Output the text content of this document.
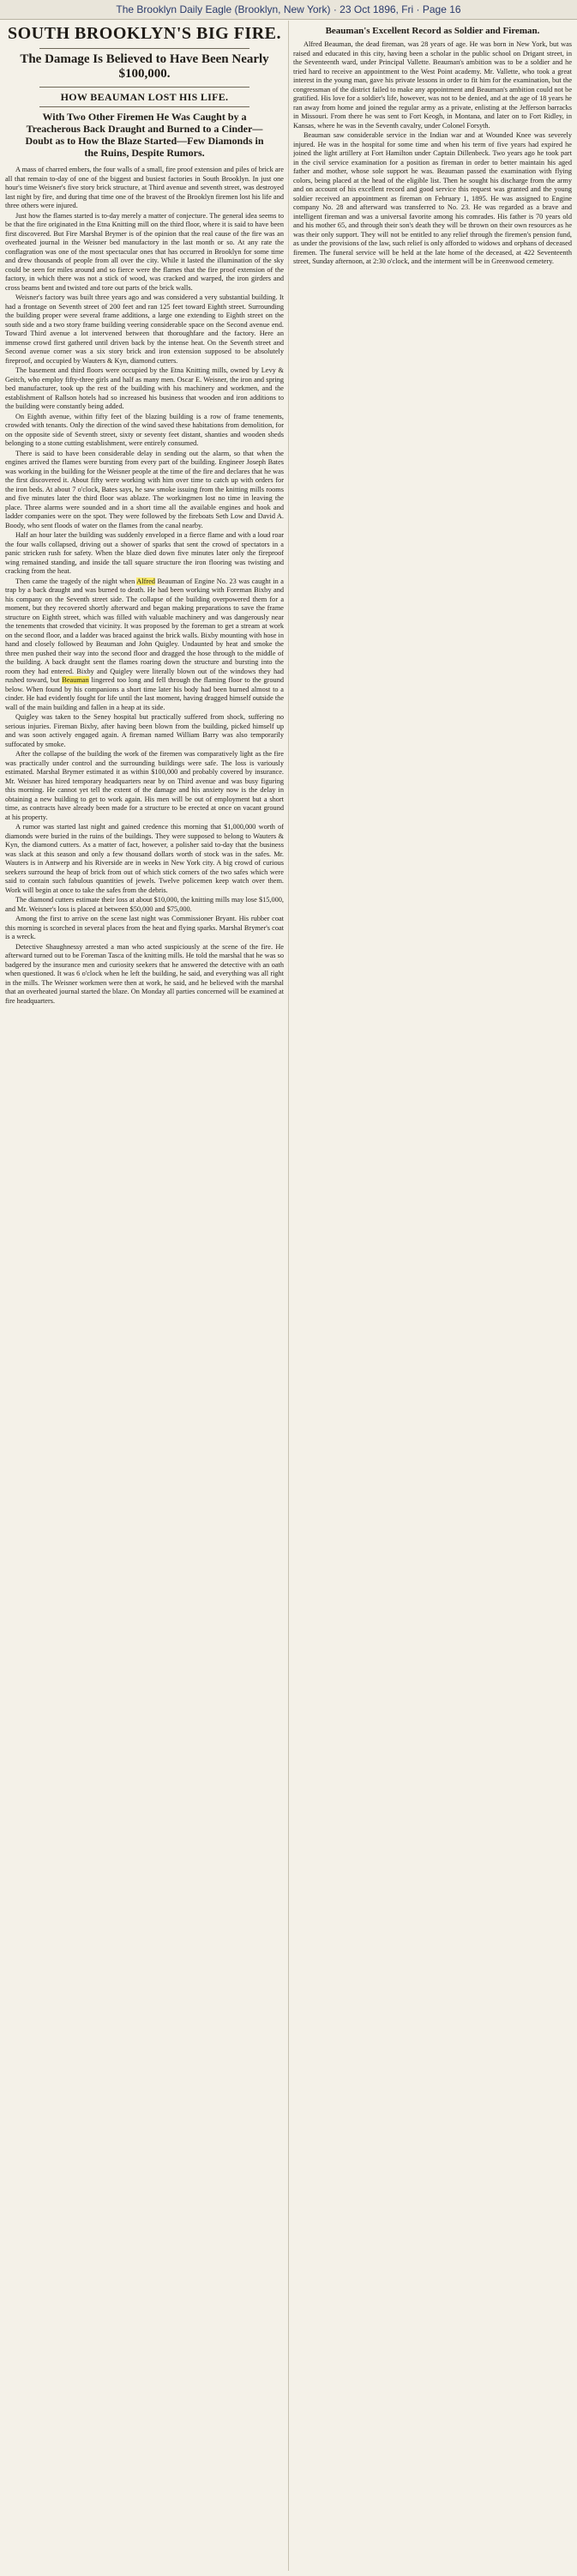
The Brooklyn Daily Eagle (Brooklyn, New York) · 23 Oct 1896, Fri · Page 16
SOUTH BROOKLYN'S BIG FIRE.
The Damage Is Believed to Have Been Nearly $100,000.
HOW BEAUMAN LOST HIS LIFE.
With Two Other Firemen He Was Caught by a Treacherous Back Draught and Burned to a Cinder—Doubt as to How the Blaze Started—Few Diamonds in the Ruins, Despite Rumors.

A mass of charred embers, the four walls of a small, fire proof extension and piles of brick are all that remain to-day of one of the biggest and busiest factories in South Brooklyn. In just one hour's time Weisner's five story brick structure, at Third avenue and seventh street, was destroyed last night by fire, and during that time one of the bravest of the Brooklyn firemen lost his life and three others were injured.

Just how the flames started is to-day merely a matter of conjecture. The general idea seems to be that the fire originated in the Etna Knitting mill on the third floor, where it is said to have been first discovered. But Fire Marshal Brymer is of the opinion that the real cause of the fire was an overheated journal in the Weisner bed manufactory in the last month or so. At any rate the conflagration was one of the most spectacular ones that has occurred in Brooklyn for some time and drew thousands of people from all over the city. While it lasted the illumination of the sky could be seen for miles around and so fierce were the flames that the fire proof extension of the factory, in which there was not a stick of wood, was cracked and warped, the iron girders and cross beams bent and twisted and tore out parts of the brick walls.

Weisner's factory was built three years ago and was considered a very substantial building. It had a frontage on Seventh street of 200 feet and ran 125 feet toward Eighth street. Surrounding the building proper were several frame additions, a large one extending to Eighth street on the south side and a two story frame building veering considerable space on the Second avenue end. Toward Third avenue a lot intervened between that thoroughfare and the factory. Here an immense crowd first gathered until driven back by the intense heat. On the Seventh street and Second avenue corner was a six story brick and iron extension supposed to be absolutely fireproof, and occupied by Wauters & Kyn, diamond cutters.

The basement and third floors were occupied by the Etna Knitting mills, owned by Levy & Geitch, who employ fifty-three girls and half as many men. Oscar E. Weisner, the iron and spring bed manufacturer, took up the rest of the building with his machinery and workmen, and the establishment of Rallson hotels had so increased his business that wooden and iron additions to the building were constantly being added.

On Eighth avenue, within fifty feet of the blazing building is a row of frame tenements, crowded with tenants. Only the direction of the wind saved these habitations from demolition, for on the opposite side of Seventh street, sixty or seventy feet distant, shanties and wooden sheds belonging to a stone cutting establishment, were entirely consumed.

There is said to have been considerable delay in sending out the alarm, so that when the engines arrived the flames were bursting from every part of the building. Engineer Joseph Bates was working in the building for the Weisner people at the time of the fire and declares that he was the first discovered it. About fifty were working with him over time to catch up with orders for the iron beds. At about 7 o'clock, Bates says, he saw smoke issuing from the knitting mills rooms and five minutes later the third floor was ablaze. The workingmen lost no time in leaving the place. Three alarms were sounded and in a short time all the available engines and hook and ladder companies were on the spot. They were followed by the fireboats Seth Low and David A. Boody, who sent floods of water on the flames from the canal nearby.

Half an hour later the building was suddenly enveloped in a fierce flame and with a loud roar the four walls collapsed, driving out a shower of sparks that sent the crowd of spectators in a panic stricken rush for safety. When the blaze died down five minutes later only the fireproof wing remained standing, and inside the tall square structure the iron flooring was twisting and cracking from the heat.

Then came the tragedy of the night when Alfred Beauman of Engine No. 23 was caught in a trap by a back draught and was burned to death. He had been working with Foreman Bixby and his company on the Seventh street side. The collapse of the building overpowered them for a moment, but they recovered shortly afterward and began making preparations to save the frame structure on Eighth street, which was filled with valuable machinery and was dangerously near the tenements that crowded that vicinity. It was proposed by the foreman to get a stream at work on the second floor, and a ladder was braced against the brick walls. Bixby mounting with hose in hand and closely followed by Beauman and John Quigley. Undaunted by heat and smoke the three men pushed their way into the second floor and dragged the hose through to the middle of the building. A back draught sent the flames roaring down the structure and bursting into the room they had entered. Bixby and Quigley were literally blown out of the windows they had rushed toward, but Beauman lingered too long and fell through the flaming floor to the ground below. When found by his companions a short time later his body had been burned almost to a cinder. He had evidently fought for life until the last moment, having dragged himself outside the wall of the main building and fallen in a heap at its side.

Quigley was taken to the Seney hospital but practically suffered from shock, suffering no serious injuries. Fireman Bixby, after having been blown from the building, picked himself up and was soon actively engaged again. A fireman named William Barry was also temporarily suffocated by smoke.

After the collapse of the building the work of the firemen was comparatively light as the fire was practically under control and the surrounding buildings were safe. The loss is variously estimated. Marshal Brymer estimated it as within $100,000 and probably covered by insurance. Mr. Weisner has hired temporary headquarters near by on Third avenue and was busy figuring this morning. He cannot yet tell the extent of the damage and his anxiety now is the delay in obtaining a new building to get to work again. His men will be out of employment but a short time, as contracts have already been made for a structure to be erected at once on vacant ground at his property.

A rumor was started last night and gained credence this morning that $1,000,000 worth of diamonds were buried in the ruins of the buildings. They were supposed to belong to Wauters & Kyn, the diamond cutters. As a matter of fact, however, a polisher said to-day that the business was slack at this season and only a few thousand dollars worth of stock was in the safes. Mr. Wauters is in Antwerp and his Riverside are in weeks in New York city. A big crowd of curious seekers surround the heap of brick from out of which stick corners of the two safes which were said to contain such fabulous quantities of jewels. Twelve policemen keep watch over them. Work will begin at once to take the safes from the debris.

The diamond cutters estimate their loss at about $10,000, the knitting mills may lose $15,000, and Mr. Weisner's loss is placed at between $50,000 and $75,000.

Among the first to arrive on the scene last night was Commissioner Bryant. His rubber coat this morning is scorched in several places from the heat and flying sparks. Marshal Brymer's coat is a wreck.

Detective Shaughnessy arrested a man who acted suspiciously at the scene of the fire. He afterward turned out to be Foreman Tasca of the knitting mills. He told the marshal that he was so badgered by the insurance men and curiosity seekers that he answered the detective with an oath when questioned. It was 6 o'clock when he left the building, he said, and everything was all right in the mills. The Weisner workmen were then at work, he said, and he believed with the marshal that an overheated journal started the blaze. On Monday all parties concerned will be examined at fire headquarters.

Beauman's Excellent Record as Soldier and Fireman.

Alfred Beauman, the dead fireman, was 28 years of age. He was born in New York, but was raised and educated in this city, having been a scholar in the public school on Drigant street, in the Seventeenth ward, under Principal Vallette. Beauman's ambition was to be a soldier and he tried hard to receive an appointment to the West Point academy. Mr. Vallette, who took a great interest in the young man, gave his private lessons in order to fit him for the examination, but the congressman of the district failed to make any appointment and Beauman's ambition could not be gratified. His love for a soldier's life, however, was not to be denied, and at the age of 18 years he ran away from home and joined the regular army as a private, enlisting at the Jefferson barracks in Missouri. From there he was sent to Fort Keogh, in Montana, and later on to Fort Ridley, in Kansas, where he was in the Seventh cavalry, under Colonel Forsyth.

Beauman saw considerable service in the Indian war and at Wounded Knee was severely injured. He was in the hospital for some time and when his term of five years had expired he joined the light artillery at Fort Hamilton under Captain Dillenbeck. Two years ago he took part in the civil service examination for a position as fireman in order to better maintain his aged father and mother, whose sole support he was. Beauman passed the examination with flying colors, being placed at the head of the eligible list. Then he sought his discharge from the army and on account of his excellent record and good service this request was granted and the young soldier received an appointment as fireman on February 1, 1895. He was assigned to Engine company No. 28 and afterward was transferred to No. 23. He was regarded as a brave and intelligent fireman and was a universal favorite among his comrades. His father is 70 years old and his mother 65, and through their son's death they will be thrown on their own resources as he was their only support. They will not be entitled to any relief through the firemen's pension fund, as under the provisions of the law, such relief is only afforded to widows and orphans of deceased firemen. The funeral service will be held at the late home of the deceased, at 422 Seventeenth street, Sunday afternoon, at 2:30 o'clock, and the interment will be in Greenwood cemetery.
